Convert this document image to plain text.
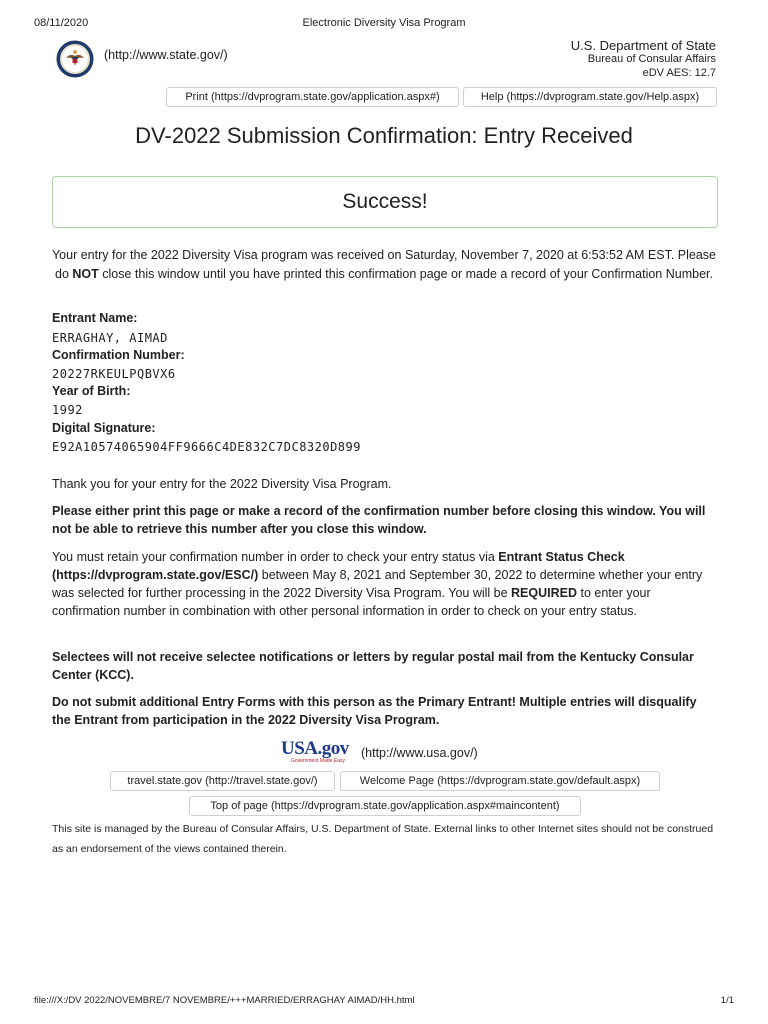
08/11/2020	Electronic Diversity Visa Program
(http://www.state.gov/)
U.S. Department of State
Bureau of Consular Affairs
eDV AES: 12.7
Print (https://dvprogram.state.gov/application.aspx#)	Help (https://dvprogram.state.gov/Help.aspx)
DV-2022 Submission Confirmation: Entry Received
Success!
Your entry for the 2022 Diversity Visa program was received on Saturday, November 7, 2020 at 6:53:52 AM EST. Please do NOT close this window until you have printed this confirmation page or made a record of your Confirmation Number.
Entrant Name:
ERRAGHAY, AIMAD
Confirmation Number:
20227RKEULPQBVX6
Year of Birth:
1992
Digital Signature:
E92A10574065904FF9666C4DE832C7DC8320D899
Thank you for your entry for the 2022 Diversity Visa Program.
Please either print this page or make a record of the confirmation number before closing this window. You will not be able to retrieve this number after you close this window.
You must retain your confirmation number in order to check your entry status via Entrant Status Check (https://dvprogram.state.gov/ESC/) between May 8, 2021 and September 30, 2022 to determine whether your entry was selected for further processing in the 2022 Diversity Visa Program. You will be REQUIRED to enter your confirmation number in combination with other personal information in order to check on your entry status.
Selectees will not receive selectee notifications or letters by regular postal mail from the Kentucky Consular Center (KCC).
Do not submit additional Entry Forms with this person as the Primary Entrant! Multiple entries will disqualify the Entrant from participation in the 2022 Diversity Visa Program.
USA.gov
Government Made Easy
(http://www.usa.gov/)
travel.state.gov (http://travel.state.gov/)	Welcome Page (https://dvprogram.state.gov/default.aspx)
Top of page (https://dvprogram.state.gov/application.aspx#maincontent)
This site is managed by the Bureau of Consular Affairs, U.S. Department of State. External links to other Internet sites should not be construed as an endorsement of the views contained therein.
file:///X:/DV 2022/NOVEMBRE/7 NOVEMBRE/+++MARRIED/ERRAGHAY AIMAD/HH.html	1/1
